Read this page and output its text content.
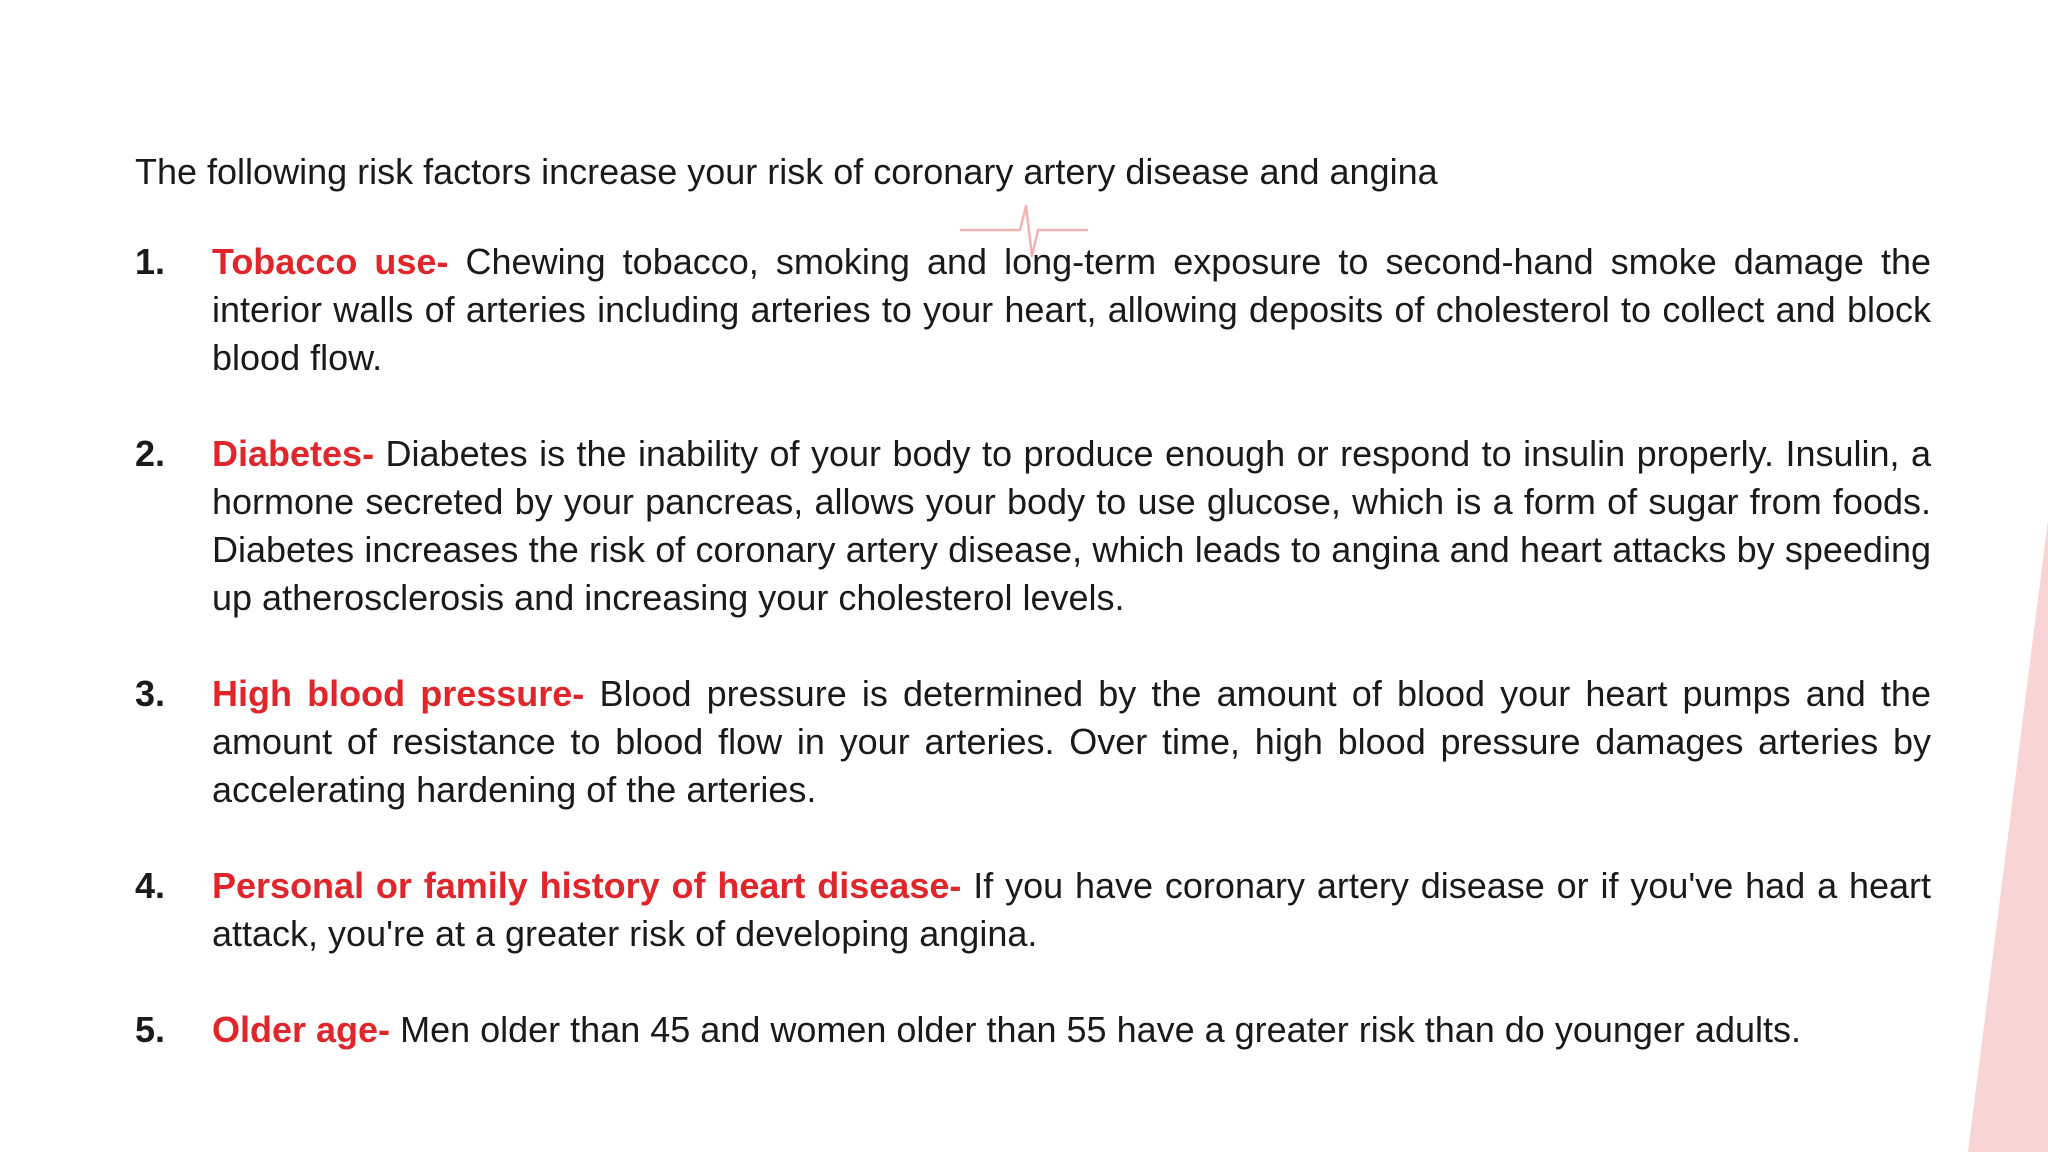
The following risk factors increase your risk of coronary artery disease and angina

1.	Tobacco use- Chewing tobacco, smoking and long-term exposure to second-hand smoke damage the interior walls of arteries including arteries to your heart, allowing deposits of cholesterol to collect and block blood flow.
2.	Diabetes- Diabetes is the inability of your body to produce enough or respond to insulin properly. Insulin, a hormone secreted by your pancreas, allows your body to use glucose, which is a form of sugar from foods. Diabetes increases the risk of coronary artery disease, which leads to angina and heart attacks by speeding up atherosclerosis and increasing your cholesterol levels.
3.	High blood pressure- Blood pressure is determined by the amount of blood your heart pumps and the amount of resistance to blood flow in your arteries. Over time, high blood pressure damages arteries by accelerating hardening of the arteries.
4.	Personal or family history of heart disease- If you have coronary artery disease or if you've had a heart attack, you're at a greater risk of developing angina.
5.	Older age- Men older than 45 and women older than 55 have a greater risk than do younger adults.
